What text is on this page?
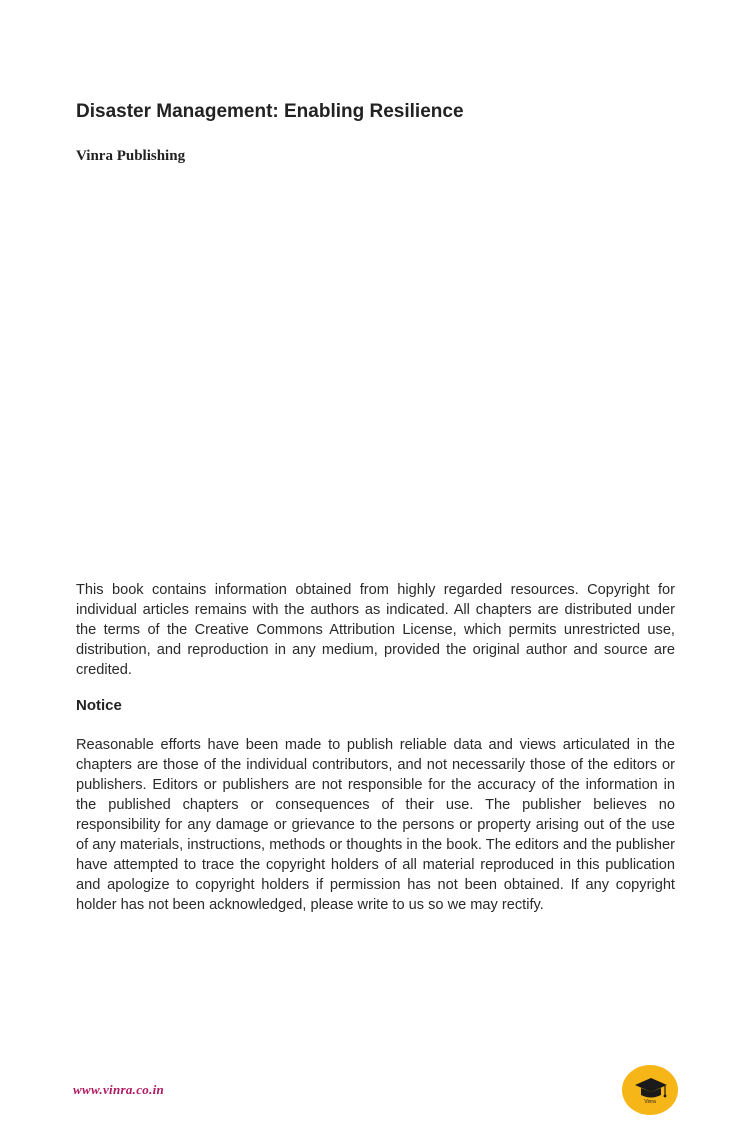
Disaster Management: Enabling Resilience

Vinra Publishing

This book contains information obtained from highly regarded resources. Copyright for individual articles remains with the authors as indicated. All chapters are distributed under the terms of the Creative Commons Attribution License, which permits unrestricted use, distribution, and reproduction in any medium, provided the original author and source are credited.

Notice

Reasonable efforts have been made to publish reliable data and views articulated in the chapters are those of the individual contributors, and not necessarily those of the editors or publishers. Editors or publishers are not responsible for the accuracy of the information in the published chapters or consequences of their use. The publisher believes no responsibility for any damage or grievance to the persons or property arising out of the use of any materials, instructions, methods or thoughts in the book. The editors and the publisher have attempted to trace the copyright holders of all material reproduced in this publication and apologize to copyright holders if permission has not been obtained. If any copyright holder has not been acknowledged, please write to us so we may rectify.

www.vinra.co.in
Vinra
